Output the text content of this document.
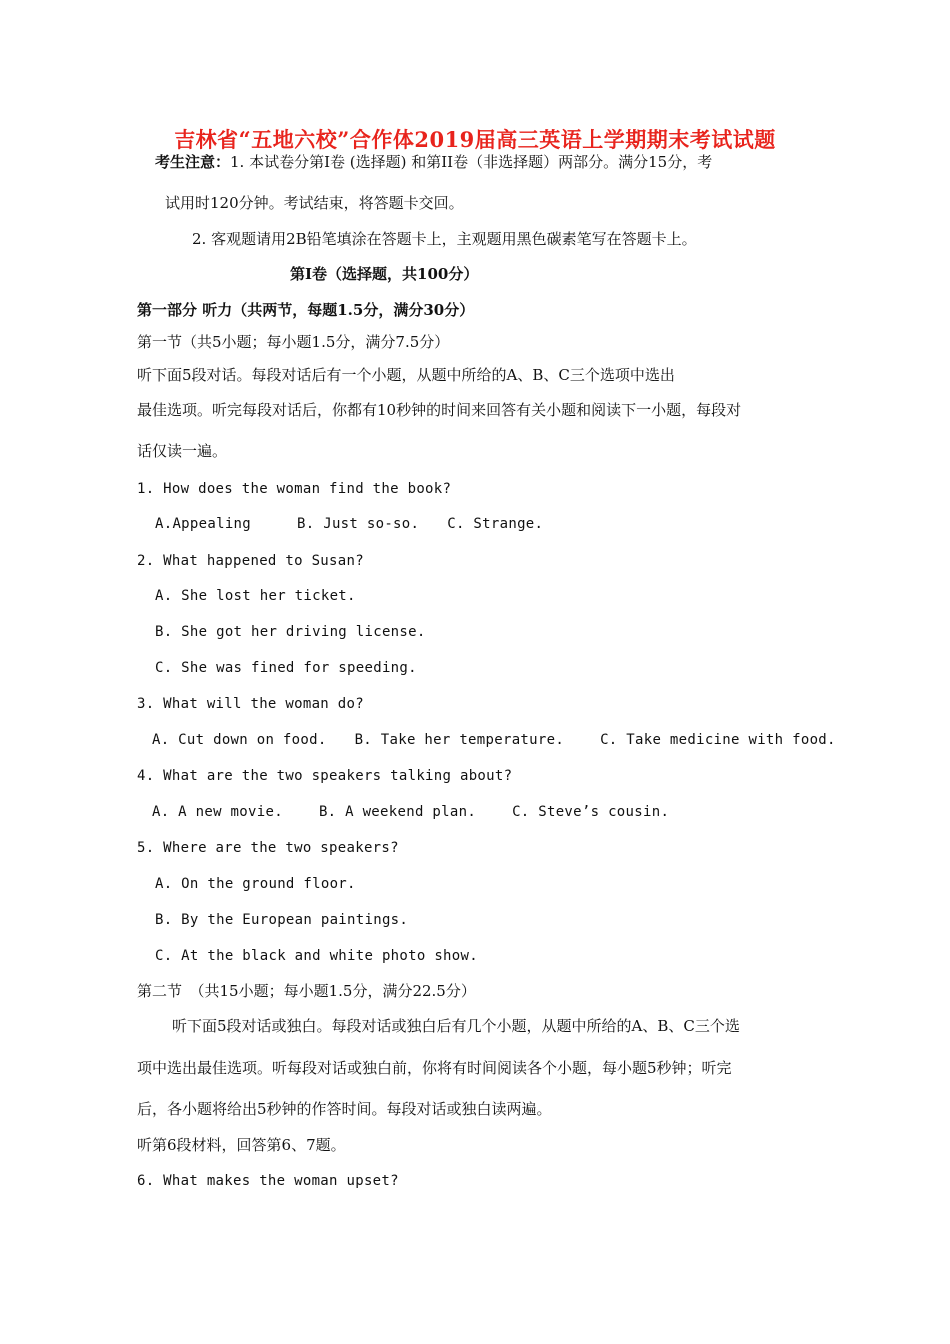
吉林省“五地六校”合作体2019届高三英语上学期期末考试试题
考生注意：1. 本试卷分第Ⅰ卷 (选择题) 和第II卷（非选择题）两部分。满分15分，考
试用时120分钟。考试结束，将答题卡交回。
2. 客观题请用2B铅笔填涂在答题卡上，主观题用黑色碳素笔写在答题卡上。
第Ⅰ卷（选择题，共100分）
第一部分 听力（共两节，每题1.5分，满分30分）
第一节（共5小题；每小题1.5分，满分7.5分）
听下面5段对话。每段对话后有一个小题，从题中所给的A、B、C三个选项中选出
最佳选项。听完每段对话后，你都有10秒钟的时间来回答有关小题和阅读下一小题，每段对
话仅读一遍。
1. How does the woman find the book?
A.Appealing	B. Just so-so. C. Strange.
2. What happened to Susan?
A. She lost her ticket.
B. She got her driving license.
C. She was fined for speeding.
3. What will the woman do?
A. Cut down on food. B. Take her temperature.	C. Take medicine with food.
4. What are the two speakers talking about?
A. A new movie.	B. A weekend plan.	C. Steve’s cousin.
5. Where are the two speakers?
A. On the ground floor.
B. By the European paintings.
C. At the black and white photo show.
第二节　（共15小题；每小题1.5分，满分22.5分）
听下面5段对话或独白。每段对话或独白后有几个小题，从题中所给的A、B、C三个选
项中选出最佳选项。听每段对话或独白前，你将有时间阅读各个小题，每小题5秒钟；听完
后，各小题将给出5秒钟的作答时间。每段对话或独白读两遍。
听第6段材料，回答第6、7题。
6. What makes the woman upset?
